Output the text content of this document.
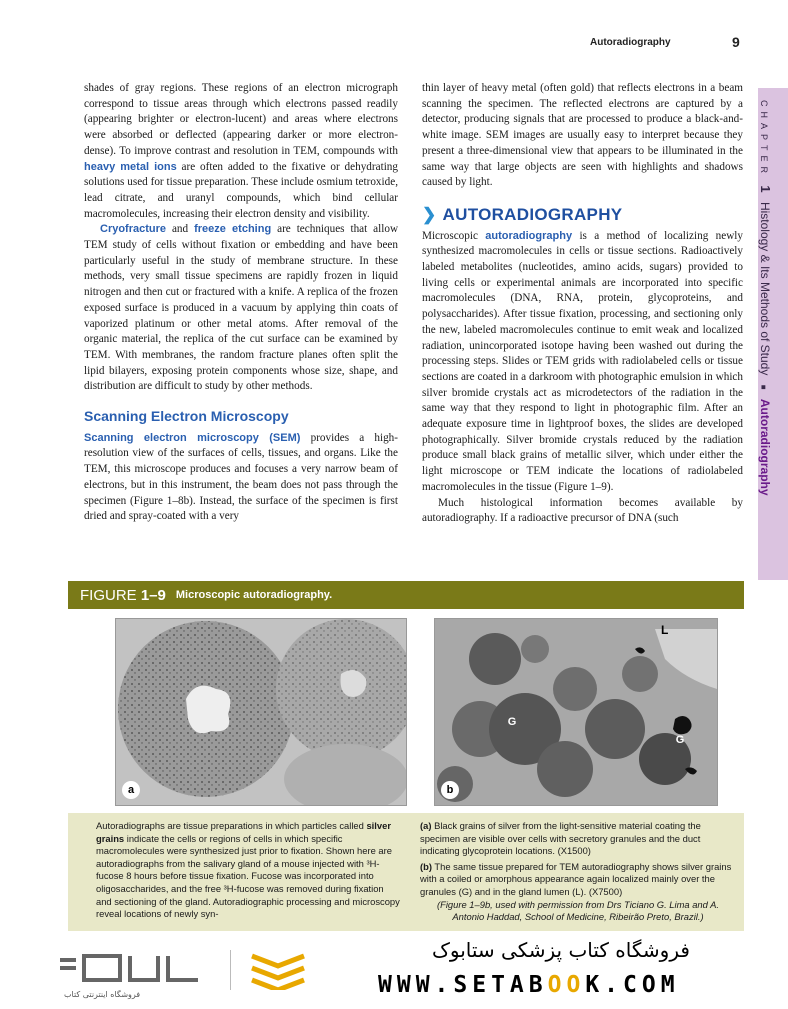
Autoradiography	9
CHAPTER 1 Histology & Its Methods of Study ■ Autoradiography

shades of gray regions. These regions of an electron micrograph correspond to tissue areas through which electrons passed readily (appearing brighter or electron-lucent) and areas where electrons were absorbed or deflected (appearing darker or more electron-dense). To improve contrast and resolution in TEM, compounds with heavy metal ions are often added to the fixative or dehydrating solutions used for tissue preparation. These include osmium tetroxide, lead citrate, and uranyl compounds, which bind cellular macromolecules, increasing their electron density and visibility.

Cryofracture and freeze etching are techniques that allow TEM study of cells without fixation or embedding and have been particularly useful in the study of membrane structure. In these methods, very small tissue specimens are rapidly frozen in liquid nitrogen and then cut or fractured with a knife. A replica of the frozen exposed surface is produced in a vacuum by applying thin coats of vaporized platinum or other metal atoms. After removal of the organic material, the replica of the cut surface can be examined by TEM. With membranes, the random fracture planes often split the lipid bilayers, exposing protein components whose size, shape, and distribution are difficult to study by other methods.

Scanning Electron Microscopy

Scanning electron microscopy (SEM) provides a high-resolution view of the surfaces of cells, tissues, and organs. Like the TEM, this microscope produces and focuses a very narrow beam of electrons, but in this instrument, the beam does not pass through the specimen (Figure 1–8b). Instead, the surface of the specimen is first dried and spray-coated with a very

thin layer of heavy metal (often gold) that reflects electrons in a beam scanning the specimen. The reflected electrons are captured by a detector, producing signals that are processed to produce a black-and-white image. SEM images are usually easy to interpret because they present a three-dimensional view that appears to be illuminated in the same way that large objects are seen with highlights and shadows caused by light.

❯ AUTORADIOGRAPHY

Microscopic autoradiography is a method of localizing newly synthesized macromolecules in cells or tissue sections. Radioactively labeled metabolites (nucleotides, amino acids, sugars) provided to living cells or experimental animals are incorporated into specific macromolecules (DNA, RNA, protein, glycoproteins, and polysaccharides). After tissue fixation, processing, and sectioning only the new, labeled macromolecules continue to emit weak and localized radiation, unincorporated isotope having been washed out during the processing steps. Slides or TEM grids with radiolabeled cells or tissue sections are coated in a darkroom with photographic emulsion in which silver bromide crystals act as microdetectors of the radiation in the same way that they respond to light in photographic film. After an adequate exposure time in lightproof boxes, the slides are developed photographically. Silver bromide crystals reduced by the radiation produce small black grains of metallic silver, which under either the light microscope or TEM indicate the locations of radiolabeled macromolecules in the tissue (Figure 1–9).

Much histological information becomes available by autoradiography. If a radioactive precursor of DNA (such

FIGURE 1–9 Microscopic autoradiography.
a
L
G
G
b

Autoradiographs are tissue preparations in which particles called silver grains indicate the cells or regions of cells in which specific macromolecules were synthesized just prior to fixation. Shown here are autoradiographs from the salivary gland of a mouse injected with ³H-fucose 8 hours before tissue fixation. Fucose was incorporated into oligosaccharides, and the free ³H-fucose was removed during fixation and sectioning of the gland. Autoradiographic processing and microscopy reveal locations of newly syn-

(a) Black grains of silver from the light-sensitive material coating the specimen are visible over cells with secretory granules and the duct indicating glycoprotein locations. (X1500)

(b) The same tissue prepared for TEM autoradiography shows silver grains with a coiled or amorphous appearance again localized mainly over the granules (G) and in the gland lumen (L). (X7500)

(Figure 1–9b, used with permission from Drs Ticiano G. Lima and A. Antonio Haddad, School of Medicine, Ribeirão Preto, Brazil.)

فروشگاه اینترنتی کتاب
فروشگاه کتاب پزشکی ستابوک
WWW.SETABOOK.COM
